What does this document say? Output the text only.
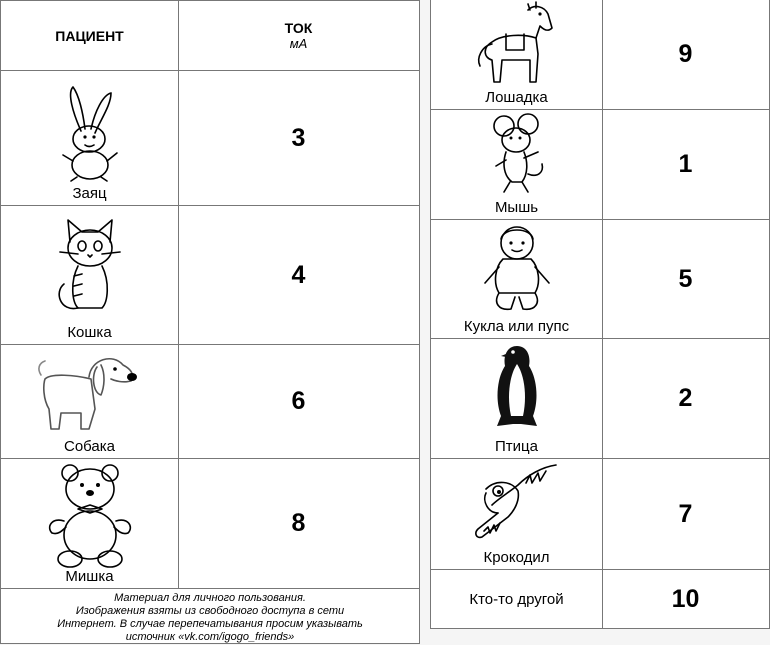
ПАЦИЕНТ	ТОК
мА
Заяц
3
Кошка
4
Собака
6
Мишка
8
Материал для личного пользования.
Изображения взяты из свободного доступа в сети
Интернет. В случае перепечатывания просим указывать
источник «vk.com/igogo_friends»
Лошадка
9
Мышь
1
Кукла или пупс
5
Птица
2
Крокодил
7
Кто-то другой	10
